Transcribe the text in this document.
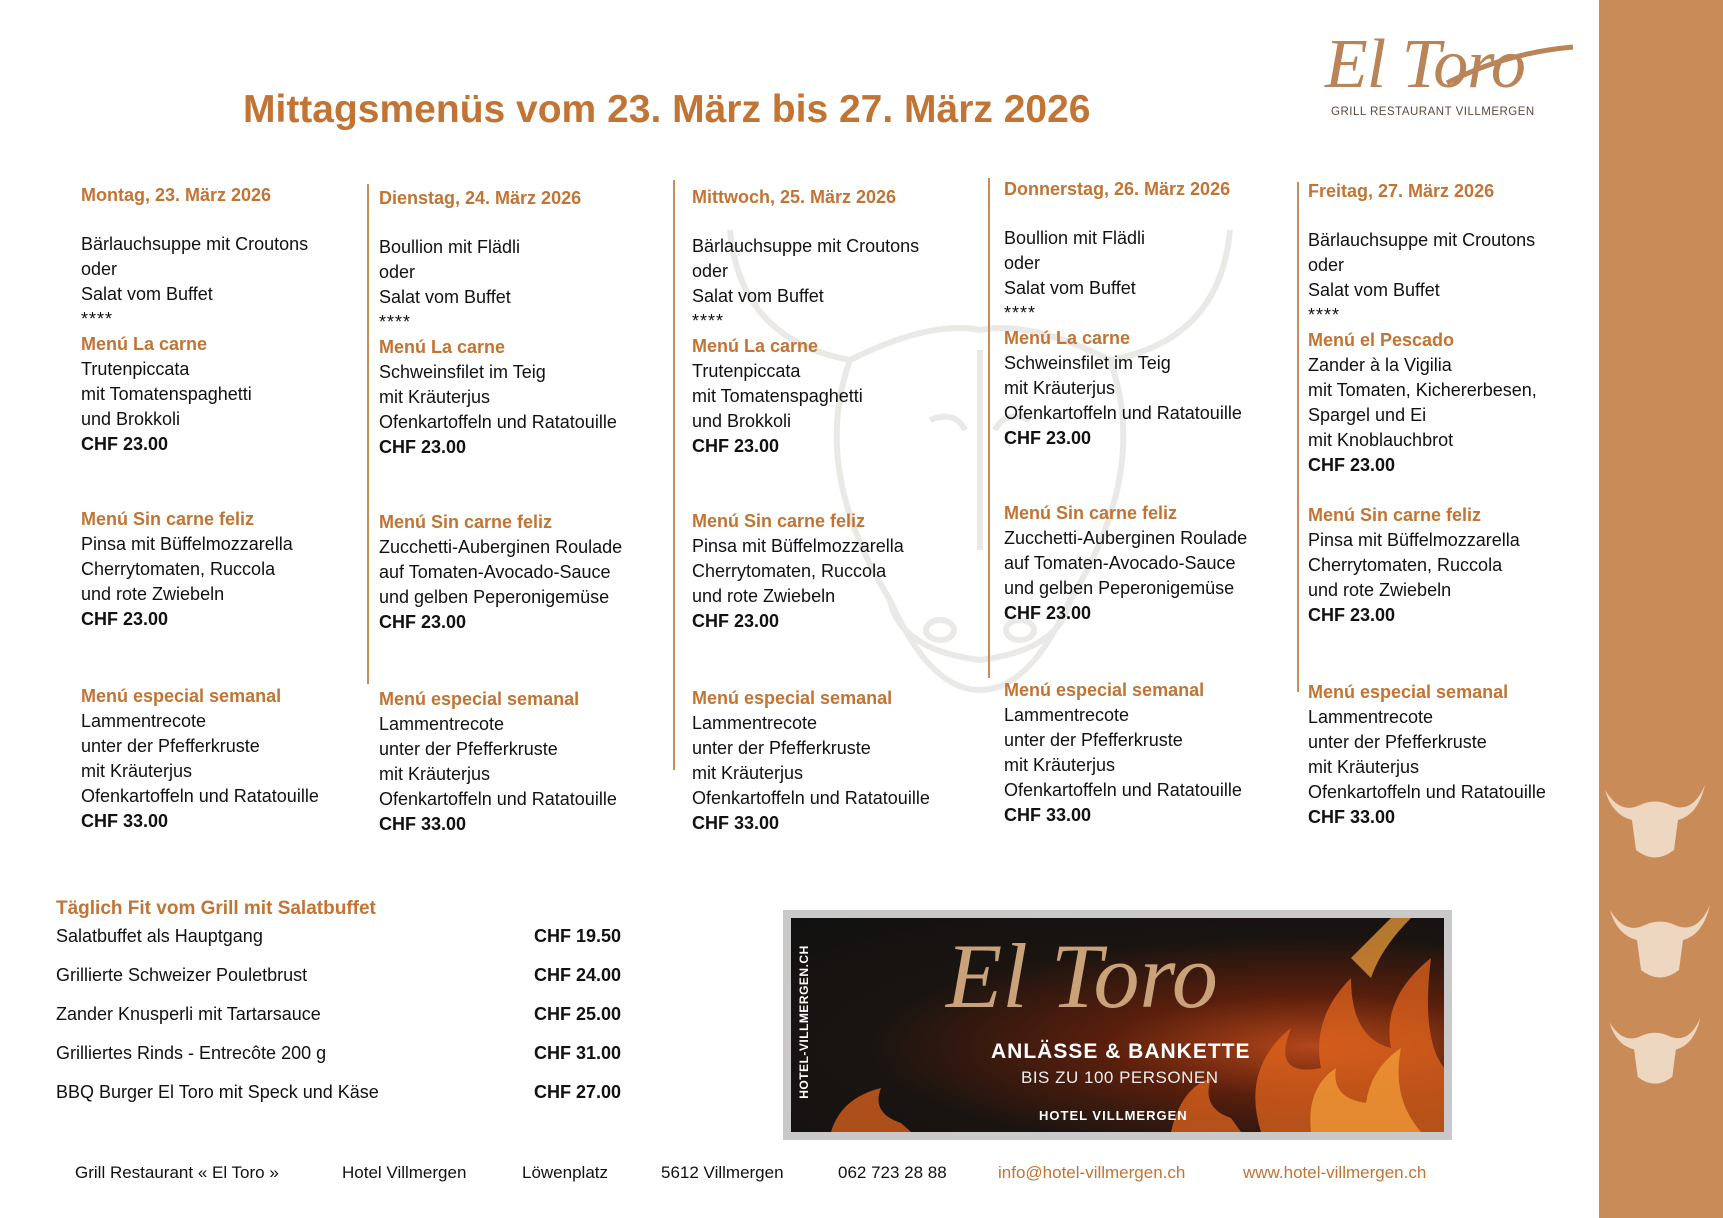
Mittagsmenüs vom 23. März bis 27. März 2026
El Toro
GRILL RESTAURANT VILLMERGEN
Montag, 23. März 2026
Bärlauchsuppe mit Croutons
oder
Salat vom Buffet
****
Menú La carne
Trutenpiccata
mit Tomatenspaghetti
und Brokkoli
CHF 23.00
Menú Sin carne feliz
Pinsa mit Büffelmozzarella
Cherrytomaten, Ruccola
und rote Zwiebeln
CHF 23.00
Menú especial semanal
Lammentrecote
unter der Pfefferkruste
mit Kräuterjus
Ofenkartoffeln und Ratatouille
CHF 33.00
Dienstag, 24. März 2026
Boullion mit Flädli
oder
Salat vom Buffet
****
Menú La carne
Schweinsfilet im Teig
mit Kräuterjus
Ofenkartoffeln und Ratatouille
CHF 23.00
Menú Sin carne feliz
Zucchetti-Auberginen Roulade
auf Tomaten-Avocado-Sauce
und gelben Peperonigemüse
CHF 23.00
Menú especial semanal
Lammentrecote
unter der Pfefferkruste
mit Kräuterjus
Ofenkartoffeln und Ratatouille
CHF 33.00
Mittwoch, 25. März 2026
Bärlauchsuppe mit Croutons
oder
Salat vom Buffet
****
Menú La carne
Trutenpiccata
mit Tomatenspaghetti
und Brokkoli
CHF 23.00
Menú Sin carne feliz
Pinsa mit Büffelmozzarella
Cherrytomaten, Ruccola
und rote Zwiebeln
CHF 23.00
Menú especial semanal
Lammentrecote
unter der Pfefferkruste
mit Kräuterjus
Ofenkartoffeln und Ratatouille
CHF 33.00
Donnerstag, 26. März 2026
Boullion mit Flädli
oder
Salat vom Buffet
****
Menú La carne
Schweinsfilet im Teig
mit Kräuterjus
Ofenkartoffeln und Ratatouille
CHF 23.00
Menú Sin carne feliz
Zucchetti-Auberginen Roulade
auf Tomaten-Avocado-Sauce
und gelben Peperonigemüse
CHF 23.00
Menú especial semanal
Lammentrecote
unter der Pfefferkruste
mit Kräuterjus
Ofenkartoffeln und Ratatouille
CHF 33.00
Freitag, 27. März 2026
Bärlauchsuppe mit Croutons
oder
Salat vom Buffet
****
Menú el Pescado
Zander à la Vigilia
mit Tomaten, Kichererbesen,
Spargel und Ei
mit Knoblauchbrot
CHF 23.00
Menú Sin carne feliz
Pinsa mit Büffelmozzarella
Cherrytomaten, Ruccola
und rote Zwiebeln
CHF 23.00
Menú especial semanal
Lammentrecote
unter der Pfefferkruste
mit Kräuterjus
Ofenkartoffeln und Ratatouille
CHF 33.00
Täglich Fit vom Grill mit Salatbuffet
Salatbuffet als Hauptgang	CHF 19.50
Grillierte Schweizer Pouletbrust	CHF 24.00
Zander Knusperli mit Tartarsauce	CHF 25.00
Grilliertes Rinds - Entrecôte 200 g	CHF 31.00
BBQ Burger El Toro mit Speck und Käse	CHF 27.00	HOTEL-VILLMERGEN.CH El Toro
ANLÄSSE & BANKETTE
BIS ZU 100 PERSONEN
HOTEL VILLMERGEN
Grill Restaurant « El Toro »	Hotel Villmergen	Löwenplatz	5612 Villmergen	062 723 28 88	info@hotel-villmergen.ch	www.hotel-villmergen.ch
